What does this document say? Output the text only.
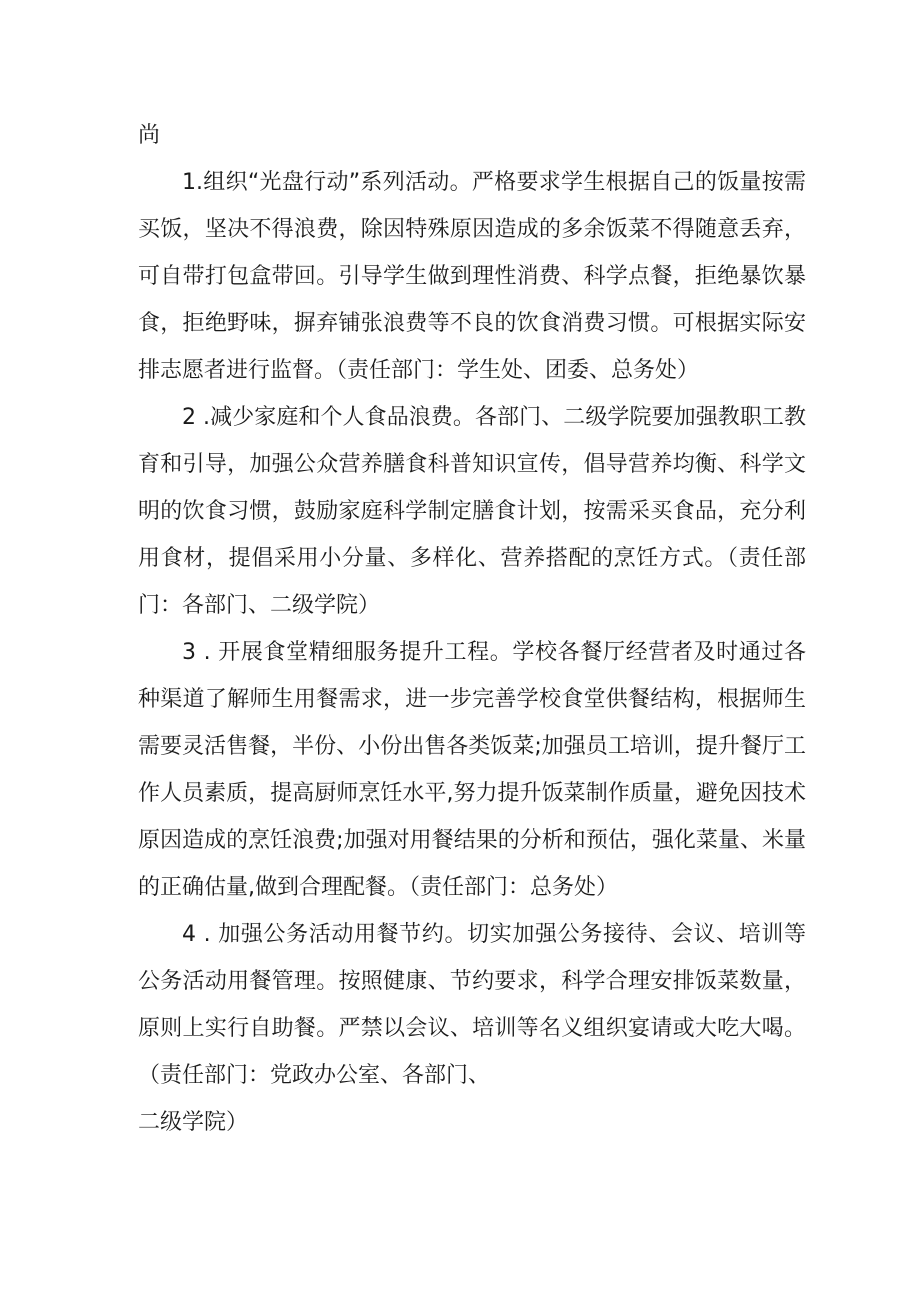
尚

1.组织“光盘行动”系列活动。严格要求学生根据自己的饭量按需买饭，坚决不得浪费，除因特殊原因造成的多余饭菜不得随意丢弃，可自带打包盒带回。引导学生做到理性消费、科学点餐，拒绝暴饮暴食，拒绝野味，摒弃铺张浪费等不良的饮食消费习惯。可根据实际安排志愿者进行监督。（责任部门：学生处、团委、总务处）

2 .减少家庭和个人食品浪费。各部门、二级学院要加强教职工教育和引导，加强公众营养膳食科普知识宣传，倡导营养均衡、科学文明的饮食习惯，鼓励家庭科学制定膳食计划，按需采买食品，充分利用食材，提倡采用小分量、多样化、营养搭配的烹饪方式。（责任部门：各部门、二级学院）

3 . 开展食堂精细服务提升工程。学校各餐厅经营者及时通过各种渠道了解师生用餐需求，进一步完善学校食堂供餐结构，根据师生需要灵活售餐，半份、小份出售各类饭菜;加强员工培训，提升餐厅工作人员素质，提高厨师烹饪水平,努力提升饭菜制作质量，避免因技术原因造成的烹饪浪费;加强对用餐结果的分析和预估，强化菜量、米量的正确估量,做到合理配餐。（责任部门：总务处）

4 . 加强公务活动用餐节约。切实加强公务接待、会议、培训等公务活动用餐管理。按照健康、节约要求，科学合理安排饭菜数量，原则上实行自助餐。严禁以会议、培训等名义组织宴请或大吃大喝。（责任部门：党政办公室、各部门、

二级学院）
